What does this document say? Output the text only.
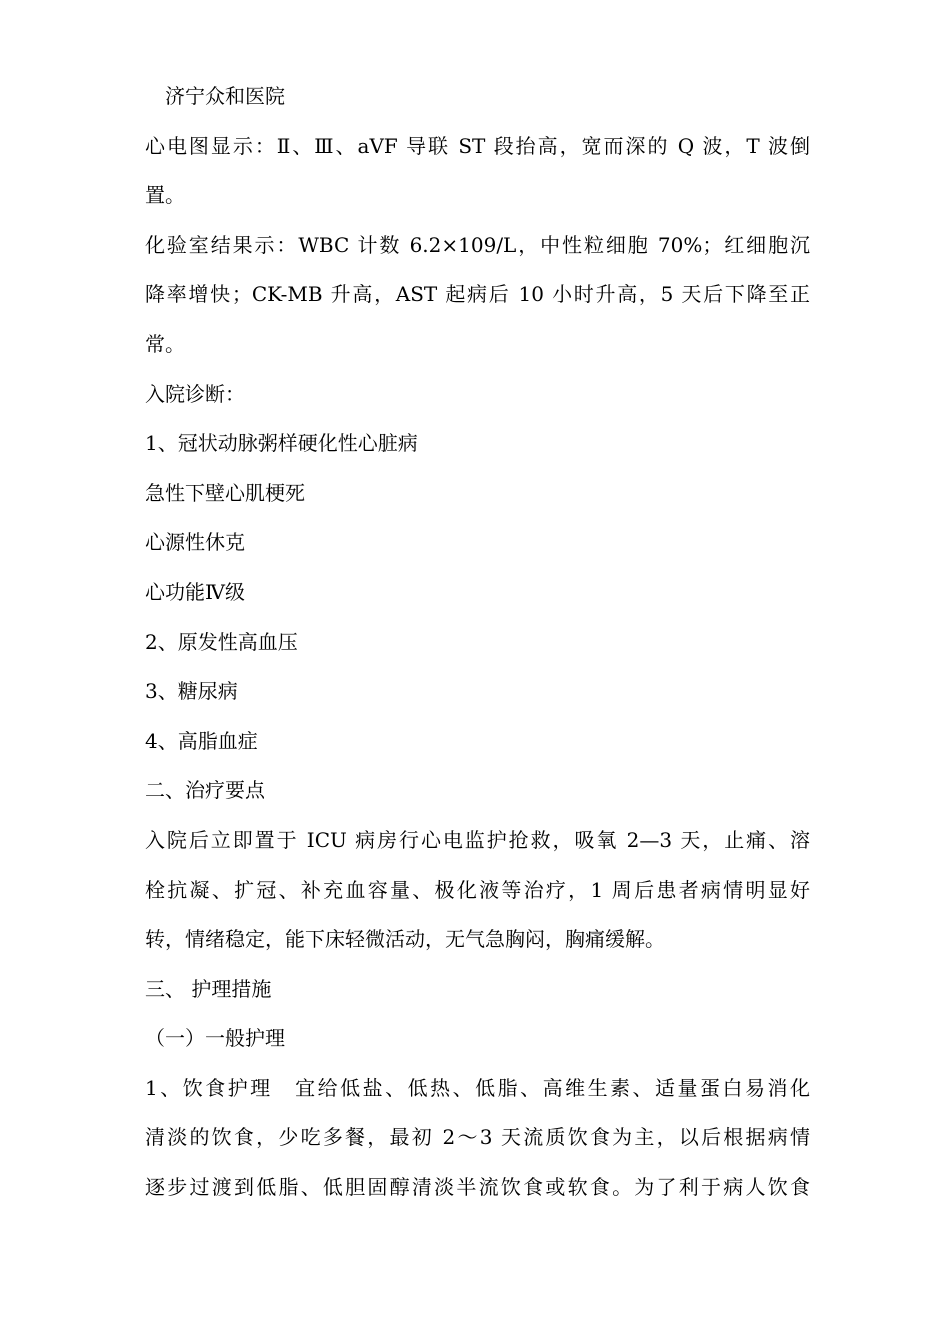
济宁众和医院
心电图显示：Ⅱ、Ⅲ、aVF 导联 ST 段抬高，宽而深的 Q 波，T 波倒
置。
化验室结果示：WBC 计数 6.2×109/L，中性粒细胞 70%；红细胞沉
降率增快；CK-MB 升高，AST 起病后 10 小时升高，5 天后下降至正
常。
入院诊断：
1、冠状动脉粥样硬化性心脏病
急性下壁心肌梗死
心源性休克
心功能Ⅳ级
2、原发性高血压
3、糖尿病
4、高脂血症
二、治疗要点
入院后立即置于 ICU 病房行心电监护抢救，吸氧 2—3 天，止痛、溶
栓抗凝、扩冠、补充血容量、极化液等治疗，1 周后患者病情明显好
转，情绪稳定，能下床轻微活动，无气急胸闷，胸痛缓解。
三、 护理措施
（一）一般护理
1、饮食护理　宜给低盐、低热、低脂、高维生素、适量蛋白易消化
清淡的饮食，少吃多餐，最初 2～3 天流质饮食为主，以后根据病情
逐步过渡到低脂、低胆固醇清淡半流饮食或软食。为了利于病人饮食
